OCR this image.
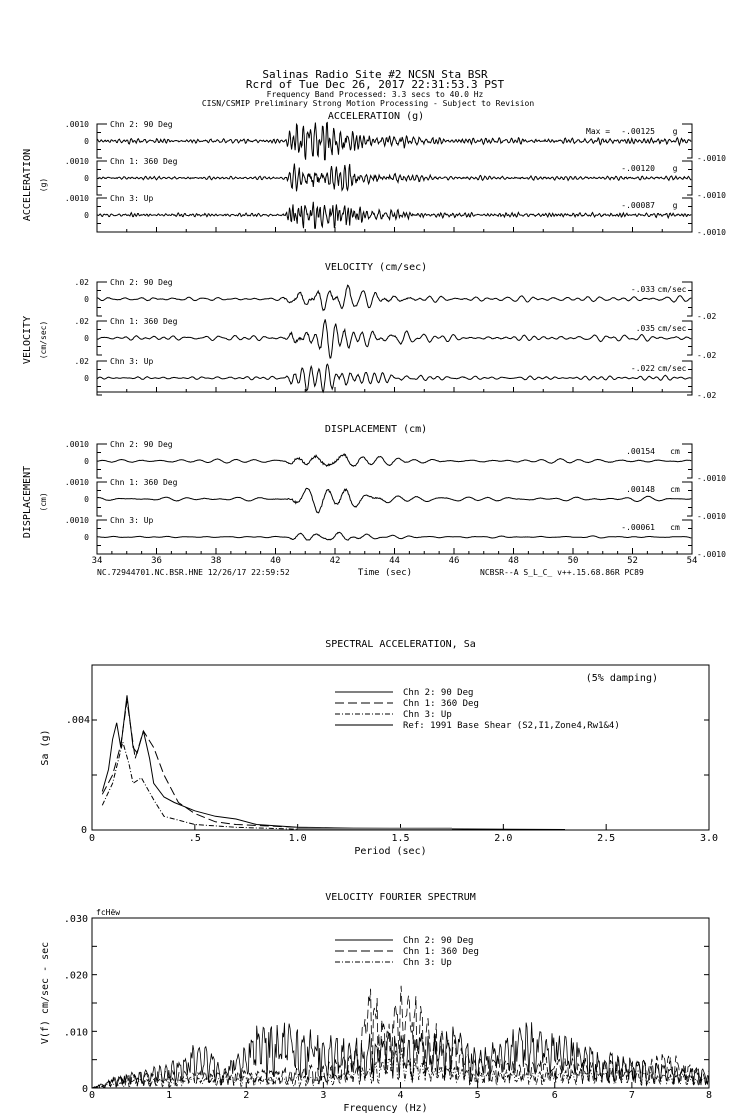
Salinas Radio Site #2 NCSN Sta BSR
Rcrd of Tue Dec 26, 2017 22:31:53.3 PST
Frequency Band Processed: 3.3 secs to 40.0 Hz
CISN/CSMIP Preliminary Strong Motion Processing - Subject to Revision
ACCELERATION (g)
ACCELERATION (g)
.0010
0
-.0010
Chn 2: 90 Deg
Max = -.00125 g
.0010
0
-.0010
Chn 1: 360 Deg
-.00120 g
.0010
0
-.0010
Chn 3: Up
-.00087 g
VELOCITY (cm/sec)
VELOCITY (cm/sec)
.02
0
-.02
Chn 2: 90 Deg
-.033 cm/sec
.02
0
-.02
Chn 1: 360 Deg
.035 cm/sec
.02
0
-.02
Chn 3: Up
-.022 cm/sec
DISPLACEMENT (cm)
DISPLACEMENT (cm)
.0010
0
-.0010
Chn 2: 90 Deg
.00154 cm
.0010
0
-.0010
Chn 1: 360 Deg
.00148 cm
.0010
0
-.0010
Chn 3: Up
-.00061 cm
34	36	38	40	42	44	46	48	50	52	54
Time (sec)
NC.72944701.NC.BSR.HNE 12/26/17 22:59:52	NCBSR--A S_L_C_ v++.15.68.86R PC89
SPECTRAL ACCELERATION, Sa
0	.5	1.0	1.5	2.0	2.5	3.0
0
.004
Sa (g)
Period (sec)
(5% damping)
Chn 2: 90 Deg
Chn 1: 360 Deg
Chn 3: Up
Ref: 1991 Base Shear (S2,I1,Zone4,Rw1&4)
VELOCITY FOURIER SPECTRUM
0	1	2	3	4	5	6	7	8
0
.010
.020
.030
V(f) cm/sec - sec
Frequency (Hz)
fcHёw
Chn 2: 90 Deg
Chn 1: 360 Deg
Chn 3: Up
